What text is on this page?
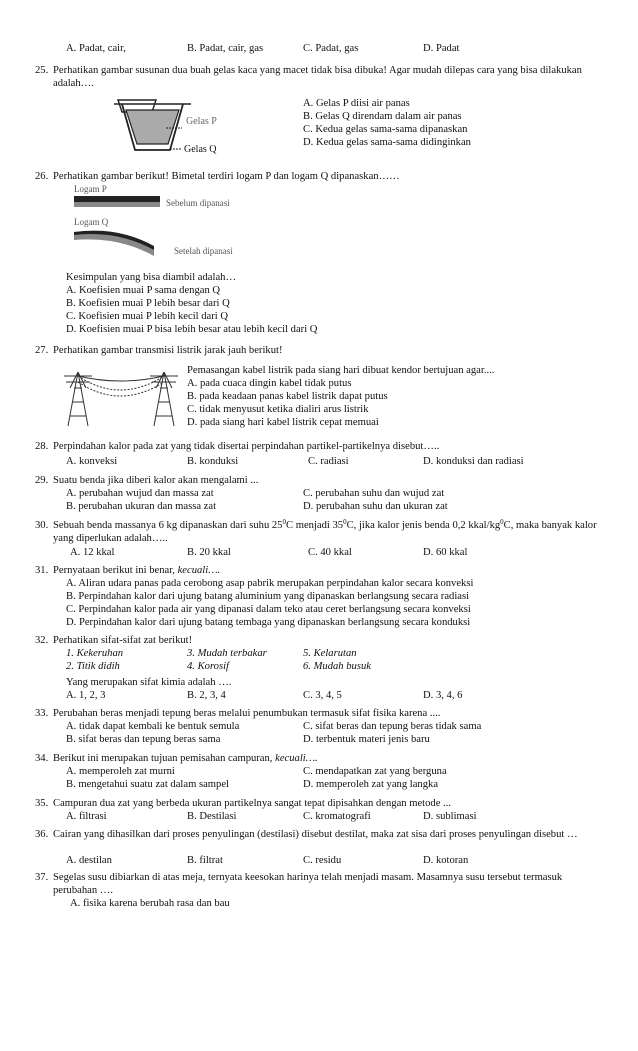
A. Padat, cair,	B. Padat, cair, gas	C. Padat, gas	D. Padat
25. Perhatikan gambar susunan dua buah gelas kaca yang macet tidak bisa dibuka! Agar mudah dilepas cara yang bisa dilakukan adalah….
Gelas P
Gelas Q
A. Gelas P diisi air panas
B. Gelas Q direndam dalam air panas
C. Kedua gelas sama-sama dipanaskan
D. Kedua gelas sama-sama didinginkan
26. Perhatikan gambar berikut! Bimetal terdiri logam P dan logam Q dipanaskan……
Logam P
Sebelum dipanasi
Logam Q
Setelah dipanasi
Kesimpulan yang bisa diambil adalah…
A. Koefisien muai P sama dengan Q
B. Koefisien muai P lebih besar dari Q
C. Koefisien muai P lebih kecil dari Q
D. Koefisien muai P bisa lebih besar atau lebih kecil dari Q
27. Perhatikan gambar transmisi listrik jarak jauh berikut!
Pemasangan kabel listrik pada siang hari dibuat kendor bertujuan agar....
A. pada cuaca dingin kabel tidak putus
B. pada keadaan panas kabel listrik dapat putus
C. tidak menyusut ketika dialiri arus listrik
D. pada siang hari kabel listrik cepat memuai
28. Perpindahan kalor pada zat yang tidak disertai perpindahan partikel-partikelnya disebut…..
A. konveksi	B. konduksi	C. radiasi	D. konduksi dan radiasi
29. Suatu benda jika diberi kalor akan mengalami ...
A. perubahan wujud dan massa zat	C. perubahan suhu dan wujud zat
B. perubahan ukuran dan massa zat	D. perubahan suhu dan ukuran zat
30. Sebuah benda massanya 6 kg dipanaskan dari suhu $25^0C$ menjadi $35^0C$, jika kalor jenis benda 0,2 kkal/$kg^0C$, maka banyak kalor yang diperlukan adalah…..
A. 12 kkal	B. 20 kkal	C. 40 kkal	D. 60 kkal
31. Pernyataan berikut ini benar, kecuali….
A. Aliran udara panas pada cerobong asap pabrik merupakan perpindahan kalor secara konveksi
B. Perpindahan kalor dari ujung batang aluminium yang dipanaskan berlangsung secara radiasi
C. Perpindahan kalor pada air yang dipanasi dalam teko atau ceret berlangsung secara konveksi
D. Perpindahan kalor dari ujung batang tembaga yang dipanaskan berlangsung secara konduksi
32. Perhatikan sifat-sifat zat berikut!
1. Kekeruhan	3. Mudah terbakar	5. Kelarutan
2. Titik didih	4. Korosif	6. Mudah busuk
Yang merupakan sifat kimia adalah ….
A. 1, 2, 3	B. 2, 3, 4	C. 3, 4, 5	D. 3, 4, 6
33. Perubahan beras menjadi tepung beras melalui penumbukan termasuk sifat fisika karena ....
A. tidak dapat kembali ke bentuk semula	C. sifat beras dan tepung beras tidak sama
B. sifat beras dan tepung beras sama	D. terbentuk materi jenis baru
34. Berikut ini merupakan tujuan pemisahan campuran, kecuali….
A. memperoleh zat murni	C. mendapatkan zat yang berguna
B. mengetahui suatu zat dalam sampel	D. memperoleh zat yang langka
35. Campuran dua zat yang berbeda ukuran partikelnya sangat tepat dipisahkan dengan metode ...
A. filtrasi	B. Destilasi	C. kromatografi	D. sublimasi
36. Cairan yang dihasilkan dari proses penyulingan (destilasi) disebut destilat, maka zat sisa dari proses penyulingan disebut …
A. destilan	B. filtrat	C. residu	D. kotoran
37. Segelas susu dibiarkan di atas meja, ternyata keesokan harinya telah menjadi masam. Masamnya susu tersebut termasuk perubahan ….
A. fisika karena berubah rasa dan bau
